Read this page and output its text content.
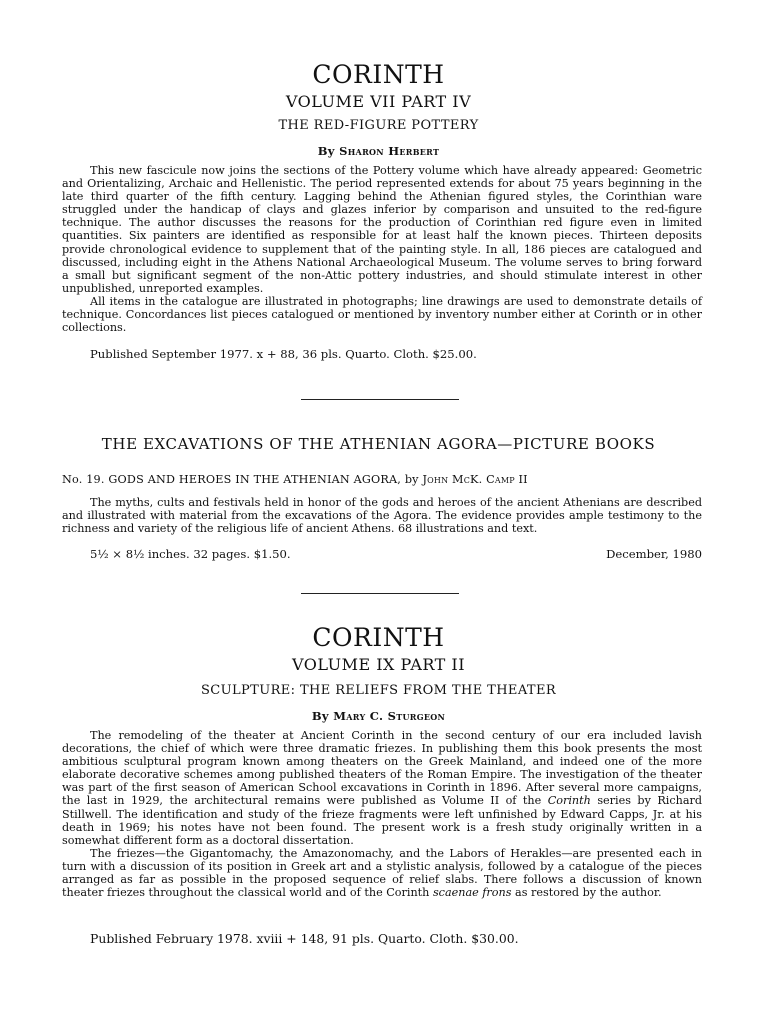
CORINTH
VOLUME VII PART IV
THE RED-FIGURE POTTERY
By Sharon Herbert

This new fascicule now joins the sections of the Pottery volume which have already appeared: Geometric and Orientalizing, Archaic and Hellenistic. The period represented extends for about 75 years beginning in the late third quarter of the fifth century. Lagging behind the Athenian figured styles, the Corinthian ware struggled under the handicap of clays and glazes inferior by comparison and unsuited to the red-figure technique. The author discusses the reasons for the production of Corinthian red figure even in limited quantities. Six painters are identified as responsible for at least half the known pieces. Thirteen deposits provide chronological evidence to supplement that of the painting style. In all, 186 pieces are catalogued and discussed, including eight in the Athens National Archaeological Museum. The volume serves to bring forward a small but significant segment of the non-Attic pottery industries, and should stimulate interest in other unpublished, unreported examples.

All items in the catalogue are illustrated in photographs; line drawings are used to demonstrate details of technique. Concordances list pieces catalogued or mentioned by inventory number either at Corinth or in other collections.

Published September 1977. x + 88, 36 pls. Quarto. Cloth. $25.00.
THE EXCAVATIONS OF THE ATHENIAN AGORA—PICTURE BOOKS
No. 19. GODS AND HEROES IN THE ATHENIAN AGORA, by John McK. Camp II

The myths, cults and festivals held in honor of the gods and heroes of the ancient Athenians are described and illustrated with material from the excavations of the Agora. The evidence provides ample testimony to the richness and variety of the religious life of ancient Athens. 68 illustrations and text.

5½ × 8½ inches. 32 pages. $1.50.	December, 1980
CORINTH
VOLUME IX PART II
SCULPTURE: THE RELIEFS FROM THE THEATER
By Mary C. Sturgeon

The remodeling of the theater at Ancient Corinth in the second century of our era included lavish decorations, the chief of which were three dramatic friezes. In publishing them this book presents the most ambitious sculptural program known among theaters on the Greek Mainland, and indeed one of the more elaborate decorative schemes among published theaters of the Roman Empire. The investigation of the theater was part of the first season of American School excavations in Corinth in 1896. After several more campaigns, the last in 1929, the architectural remains were published as Volume II of the Corinth series by Richard Stillwell. The identification and study of the frieze fragments were left unfinished by Edward Capps, Jr. at his death in 1969; his notes have not been found. The present work is a fresh study originally written in a somewhat different form as a doctoral dissertation.

The friezes—the Gigantomachy, the Amazonomachy, and the Labors of Herakles—are presented each in turn with a discussion of its position in Greek art and a stylistic analysis, followed by a catalogue of the pieces arranged as far as possible in the proposed sequence of relief slabs. There follows a discussion of known theater friezes throughout the classical world and of the Corinth scaenae frons as restored by the author.

Published February 1978. xviii + 148, 91 pls. Quarto. Cloth. $30.00.
